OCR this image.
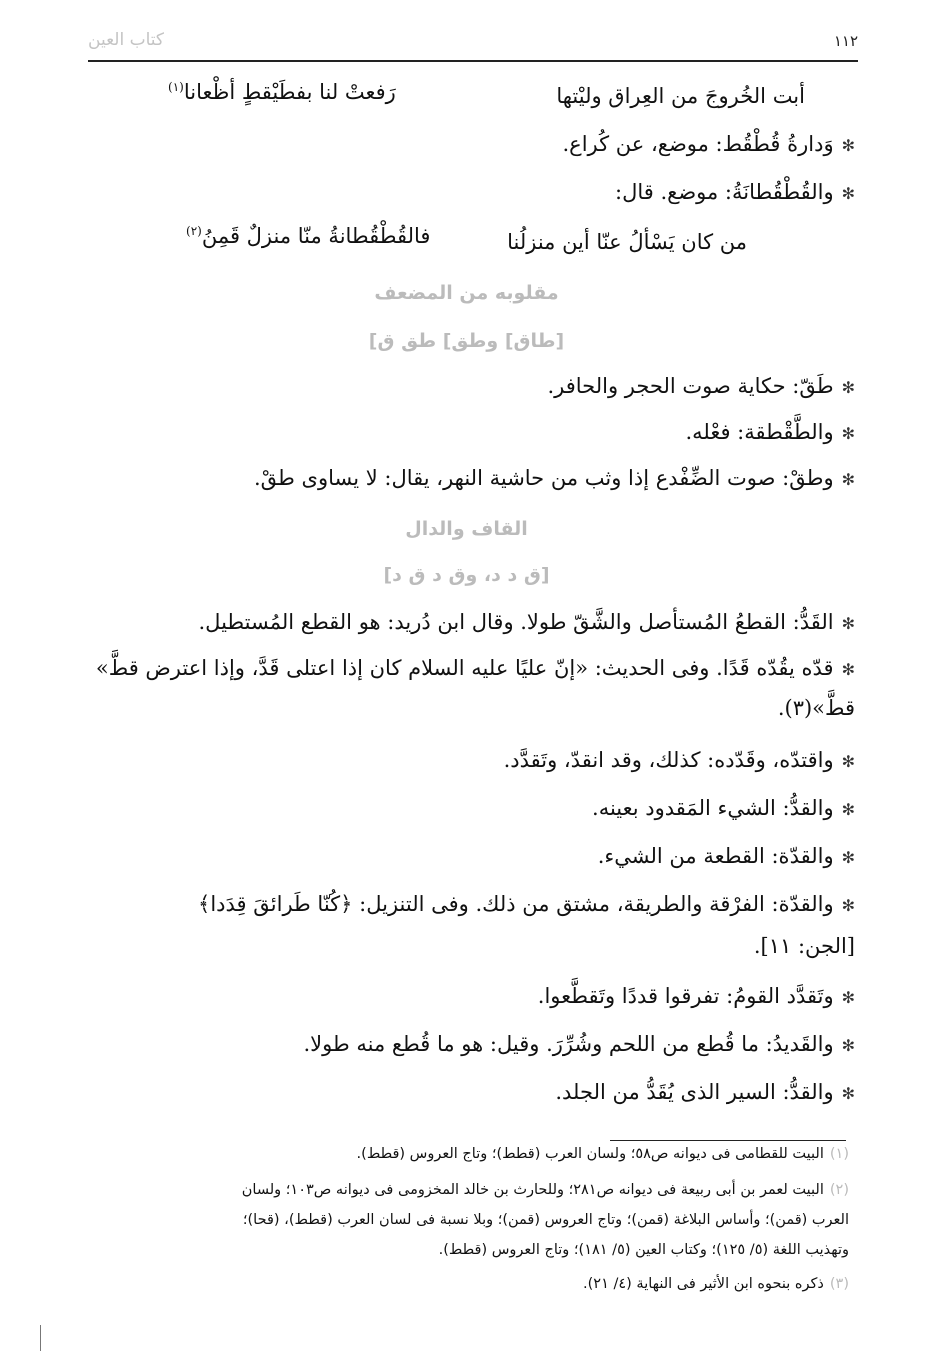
كتاب العين	١١٢
أبت الخُروجَ من العِراق وليْتها
رَفعتْ لنا بفطَيْقطٍ أظْعانا$^{(١)}$
✻وَدارةُ قُطْقُط: موضع، عن كُراع.
✻والقُطْقُطانَةُ: موضع. قال:
من كان يَسْألُ عنّا أين منزلُنا
فالقُطْقُطانةُ منّا منزلٌ قَمِنُ$^{(٢)}$
مقلوبه من المضعف
[طاق] وطق] طق ق]
✻طَقّ: حكاية صوت الحجر والحافر.
✻والطَّقْطقة: فعْله.
✻وطقْ: صوت الضِّفْدع إذا وثب من حاشية النهر، يقال: لا يساوى طقْ.
القاف والدال
[ق د د، وق د ق د]
✻القَدُّ: القطعُ المُستأصل والشَّقّ طولا. وقال ابن دُريد: هو القطع المُستطيل.
✻قدّه يقُدّه قَدًا. وفى الحديث: «إنّ عليًا عليه السلام كان إذا اعتلى قَدَّ، وإذا اعترض قطَّ»
قطَّ»(٣).
✻واقتدّه، وقَدّده: كذلك، وقد انقدّ، وتَقدَّد.
✻والقدُّ: الشيء المَقدود بعينه.
✻والقدّة: القطعة من الشيء.
✻والقدّة: الفرْقة والطريقة، مشتق من ذلك. وفى التنزيل: ﴿كُنّا طَرائقَ قِدَدا﴾
[الجن: ١١].
✻وتَقدَّد القومُ: تفرقوا قددًا وتَقطَّعوا.
✻والقَديدُ: ما قُطع من اللحم وشُرِّرَ. وقيل: هو ما قُطع منه طولا.
✻والقدُّ: السير الذى يُقَدُّ من الجلد.
(١)البيت للقطامى فى ديوانه ص٥٨؛ ولسان العرب (قطط)؛ وتاج العروس (قطط).
(٢)البيت لعمر بن أبى ربيعة فى ديوانه ص٢٨١؛ وللحارث بن خالد المخزومى فى ديوانه ص١٠٣؛ ولسان
العرب (قمن)؛ وأساس البلاغة (قمن)؛ وتاج العروس (قمن)؛ وبلا نسبة فى لسان العرب (قطط)، (قحا)؛
وتهذيب اللغة (٥/ ١٢٥)؛ وكتاب العين (٥/ ١٨١)؛ وتاج العروس (قطط).
(٣)ذكره بنحوه ابن الأثير فى النهاية (٤/ ٢١).
